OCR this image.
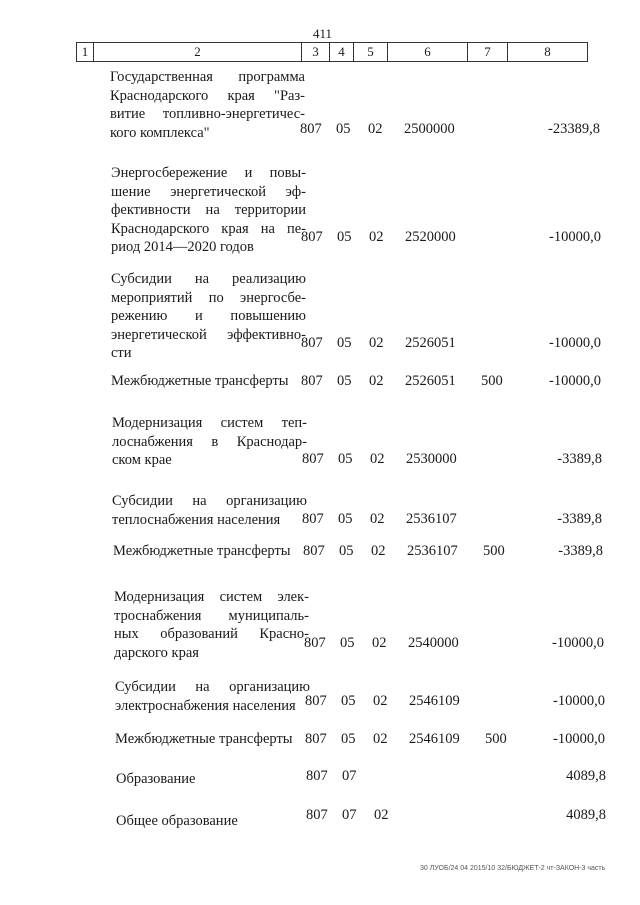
411
1	2	3	4	5	6	7	8
Государственная программа
Краснодарского края "Раз-
витие топливно-энергетичес-
кого комплекса"	807 05 02 2500000	-23389,8
Энергосбережение и повы-
шение энергетической эф-
фективности на территории
Краснодарского края на пе-
риод 2014—2020 годов
807 05 02 2520000	-10000,0
Субсидии на реализацию
мероприятий по энергосбе-
режению и повышению
энергетической эффективно-
сти
807 05 02 2526051	-10000,0
Межбюджетные трансферты 807 05 02 2526051 500	-10000,0
Модернизация систем теп-
лоснабжения в Краснодар-
ском крае	807 05 02 2530000	-3389,8
Субсидии на организацию
теплоснабжения населения	807 05 02 2536107	-3389,8
Межбюджетные трансферты 807 05 02 2536107 500	-3389,8
Модернизация систем элек-
троснабжения муниципаль-
ных образований Красно-
дарского края
807 05 02 2540000	-10000,0
Субсидии на организацию
электроснабжения населения 807 05 02 2546109	-10000,0
Межбюджетные трансферты 807 05 02 2546109 500	-10000,0
Образование	807 07	4089,8
Общее образование	807 07 02	4089,8
30 ЛУОБ/24 04 2015/10 32/БЮДЖЕТ-2 чт-ЗАКОН-3 часть
